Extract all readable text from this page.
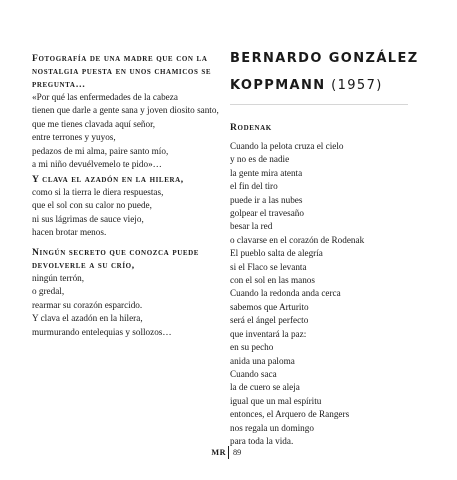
Fotografía de una madre que con la

nostalgia puesta en unos chamicos se

pregunta…

«Por qué las enfermedades de la cabeza

tienen que darle a gente sana y joven diosito santo,

que me tienes clavada aquí señor,

entre terrones y yuyos,

pedazos de mi alma, paire santo mío,

a mi niño devuélvemelo te pido»…

Y clava el azadón en la hilera,

como si la tierra le diera respuestas,

que el sol con su calor no puede,

ni sus lágrimas de sauce viejo,

hacen brotar menos.

Ningún secreto que conozca puede

devolverle a su crío,

ningún terrón,

o gredal,

rearmar su corazón esparcido.

Y clava el azadón en la hilera,

murmurando entelequias y sollozos…

BERNARDO GONZÁLEZ

KOPPMANN (1957)

Rodenak

Cuando la pelota cruza el cielo

y no es de nadie

la gente mira atenta

el fin del tiro

puede ir a las nubes

golpear el travesaño

besar la red

o clavarse en el corazón de Rodenak

El pueblo salta de alegría

si el Flaco se levanta

con el sol en las manos

Cuando la redonda anda cerca

sabemos que Arturito

será el ángel perfecto

que inventará la paz:

en su pecho

anida una paloma

Cuando saca

la de cuero se aleja

igual que un mal espíritu

entonces, el Arquero de Rangers

nos regala un domingo

para toda la vida.

MR 89
